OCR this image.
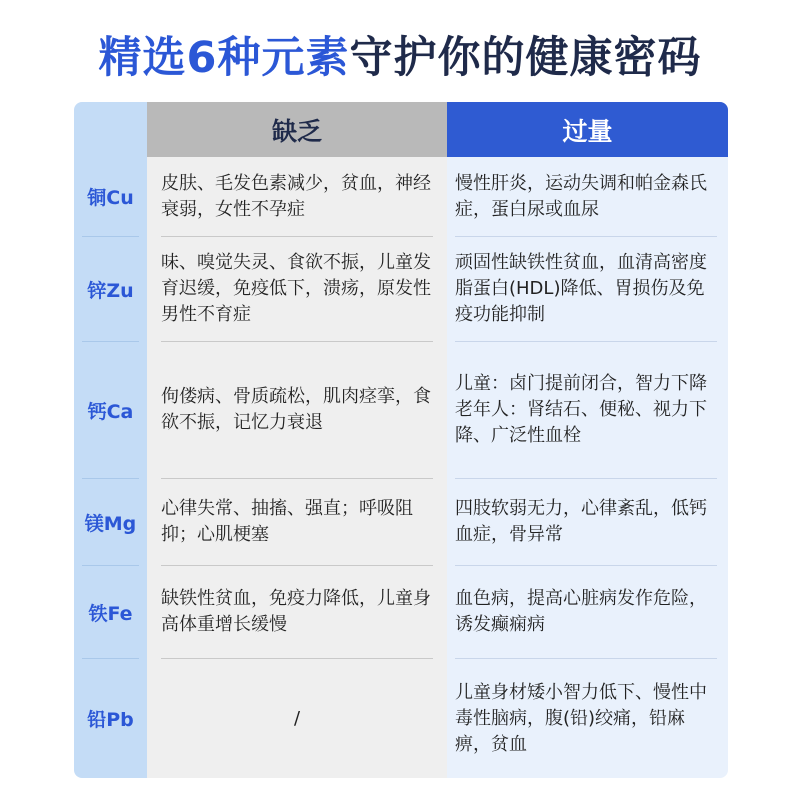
精选6种元素守护你的健康密码
缺乏	过量
铜Cu
皮肤、毛发色素减少，贫血，神经衰弱，女性不孕症
慢性肝炎，运动失调和帕金森氏症，蛋白尿或血尿
锌Zu
味、嗅觉失灵、食欲不振，儿童发育迟缓，免疫低下，溃疡，原发性男性不育症
顽固性缺铁性贫血，血清高密度脂蛋白(HDL)降低、胃损伤及免疫功能抑制
钙Ca
佝偻病、骨质疏松，肌肉痉挛，食欲不振，记忆力衰退
儿童：卤门提前闭合，智力下降
老年人：肾结石、便秘、视力下降、广泛性血栓
镁Mg
心律失常、抽搐、强直；呼吸阻抑；心肌梗塞
四肢软弱无力，心律紊乱，低钙血症，骨异常
铁Fe
缺铁性贫血，免疫力降低，儿童身高体重增长缓慢
血色病，提高心脏病发作危险，诱发癫痫病
铅Pb	/
儿童身材矮小智力低下、慢性中毒性脑病，腹(铅)绞痛，铅麻痹，贫血
